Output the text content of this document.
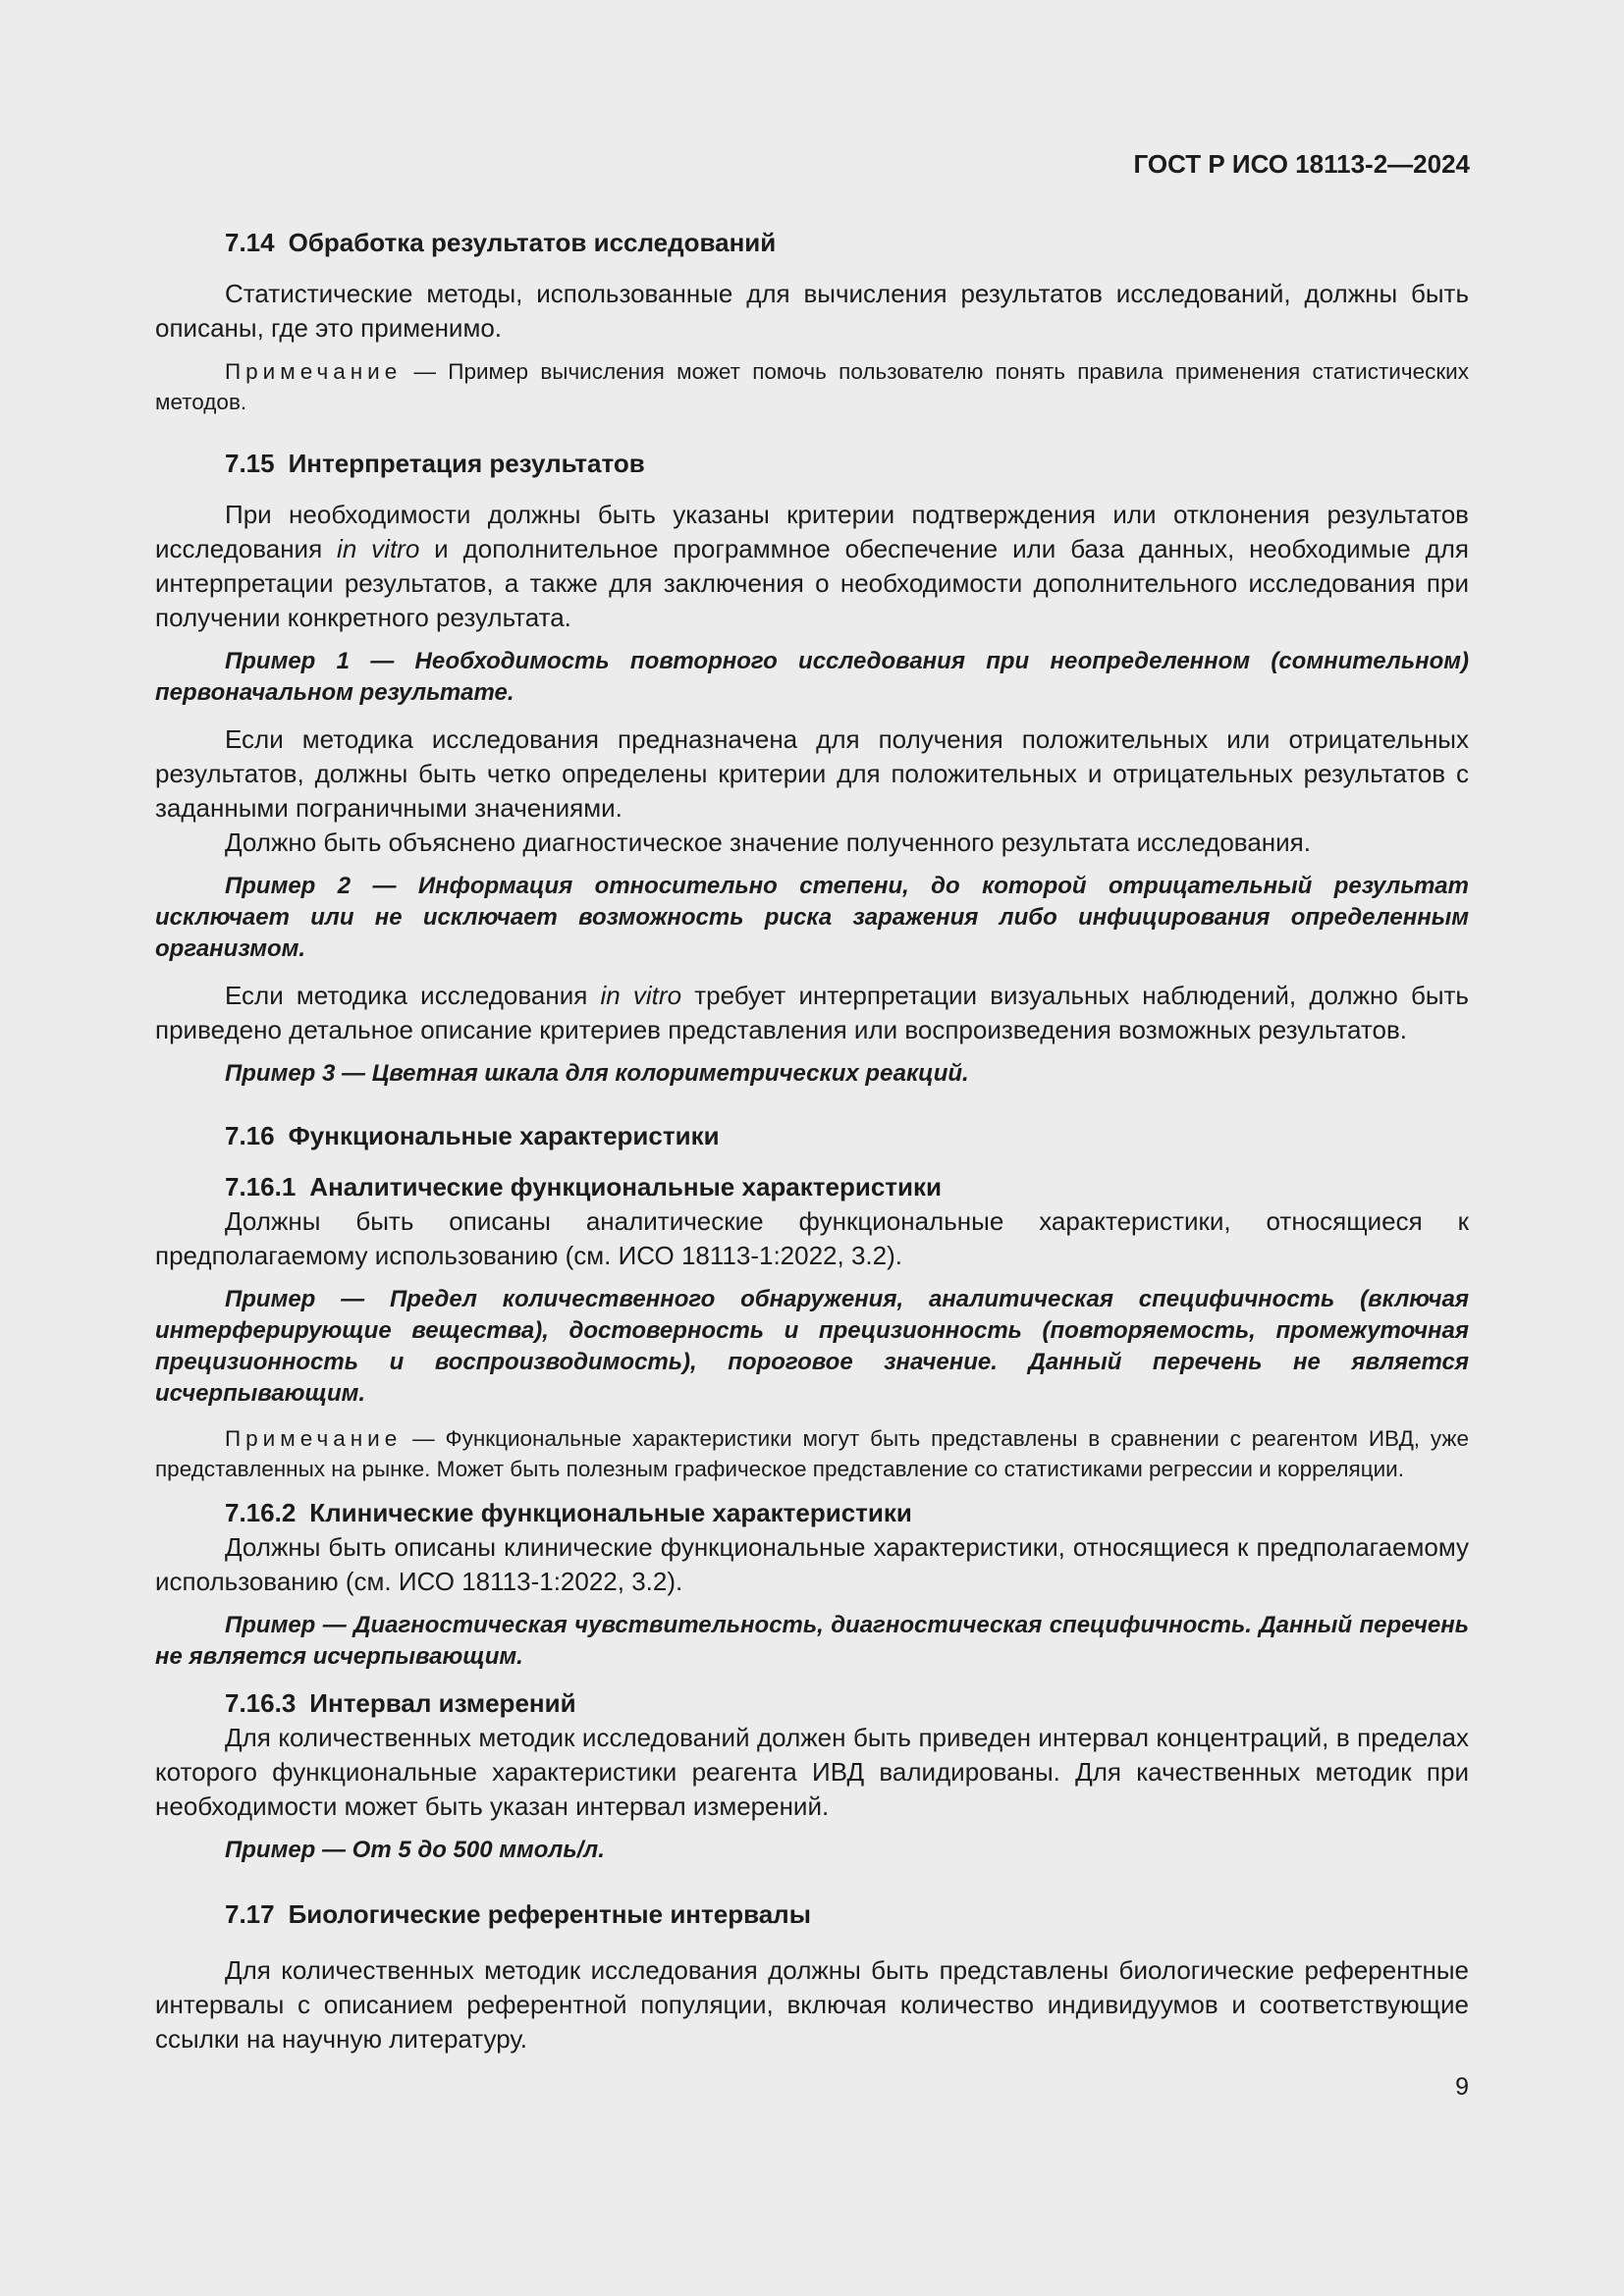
ГОСТ Р ИСО 18113-2—2024
7.14 Обработка результатов исследований

Статистические методы, использованные для вычисления результатов исследований, должны быть описаны, где это применимо.

Примечание — Пример вычисления может помочь пользователю понять правила применения статистических методов.

7.15 Интерпретация результатов

При необходимости должны быть указаны критерии подтверждения или отклонения результатов исследования in vitro и дополнительное программное обеспечение или база данных, необходимые для интерпретации результатов, а также для заключения о необходимости дополнительного исследования при получении конкретного результата.

Пример 1 — Необходимость повторного исследования при неопределенном (сомнительном) первоначальном результате.

Если методика исследования предназначена для получения положительных или отрицательных результатов, должны быть четко определены критерии для положительных и отрицательных результатов с заданными пограничными значениями.

Должно быть объяснено диагностическое значение полученного результата исследования.

Пример 2 — Информация относительно степени, до которой отрицательный результат исключает или не исключает возможность риска заражения либо инфицирования определенным организмом.

Если методика исследования in vitro требует интерпретации визуальных наблюдений, должно быть приведено детальное описание критериев представления или воспроизведения возможных результатов.

Пример 3 — Цветная шкала для колориметрических реакций.

7.16 Функциональные характеристики
7.16.1 Аналитические функциональные характеристики

Должны быть описаны аналитические функциональные характеристики, относящиеся к предполагаемому использованию (см. ИСО 18113-1:2022, 3.2).

Пример — Предел количественного обнаружения, аналитическая специфичность (включая интерферирующие вещества), достоверность и прецизионность (повторяемость, промежуточная прецизионность и воспроизводимость), пороговое значение. Данный перечень не является исчерпывающим.

Примечание — Функциональные характеристики могут быть представлены в сравнении с реагентом ИВД, уже представленных на рынке. Может быть полезным графическое представление со статистиками регрессии и корреляции.

7.16.2 Клинические функциональные характеристики

Должны быть описаны клинические функциональные характеристики, относящиеся к предполагаемому использованию (см. ИСО 18113-1:2022, 3.2).

Пример — Диагностическая чувствительность, диагностическая специфичность. Данный перечень не является исчерпывающим.

7.16.3 Интервал измерений

Для количественных методик исследований должен быть приведен интервал концентраций, в пределах которого функциональные характеристики реагента ИВД валидированы. Для качественных методик при необходимости может быть указан интервал измерений.

Пример — От 5 до 500 ммоль/л.

7.17 Биологические референтные интервалы

Для количественных методик исследования должны быть представлены биологические референтные интервалы с описанием референтной популяции, включая количество индивидуумов и соответствующие ссылки на научную литературу.

9
